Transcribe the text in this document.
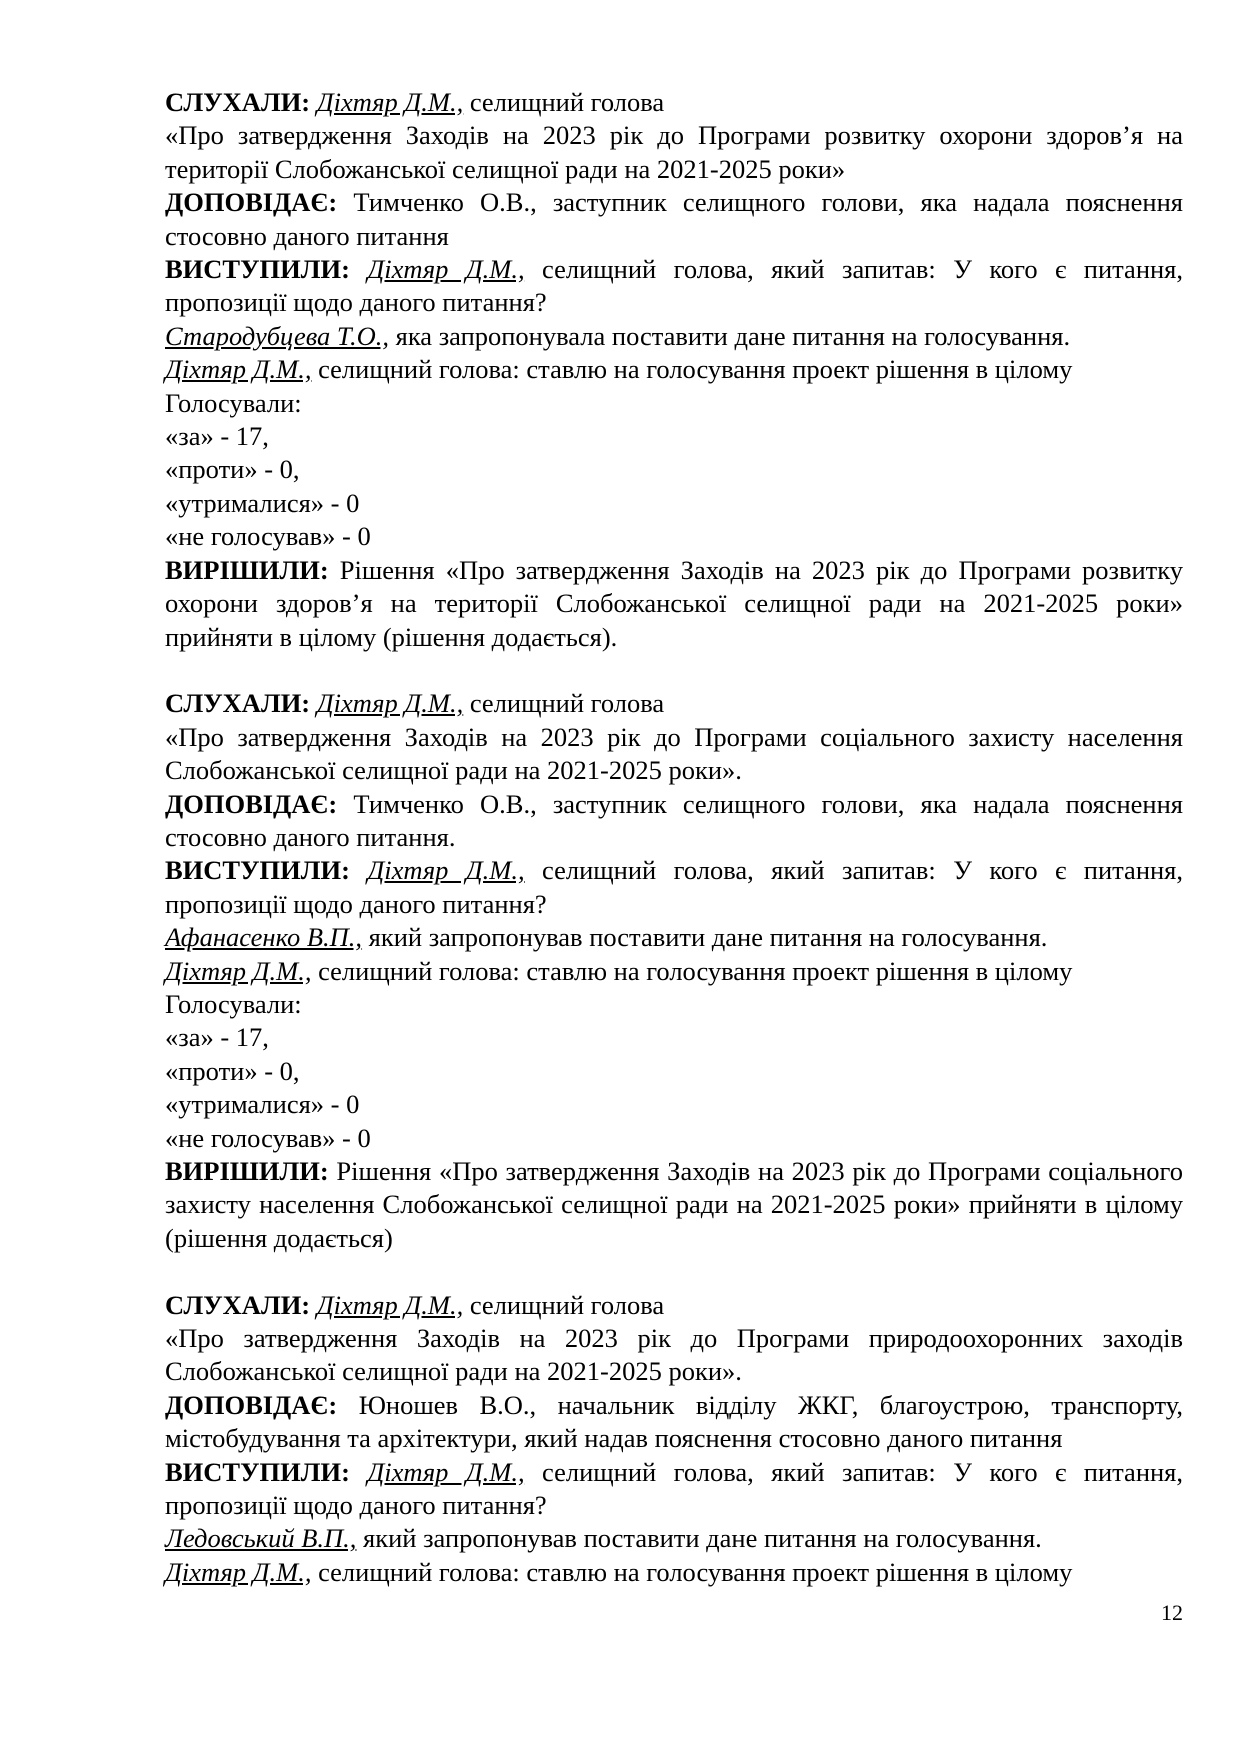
СЛУХАЛИ: Діхтяр Д.М., селищний голова

«Про затвердження Заходів на 2023 рік до Програми розвитку охорони здоров’я на території Слобожанської селищної ради на 2021-2025 роки»

ДОПОВІДАЄ: Тимченко О.В., заступник селищного голови, яка надала пояснення стосовно даного питання

ВИСТУПИЛИ: Діхтяр Д.М., селищний голова, який запитав: У кого є питання, пропозиції щодо даного питання?

Стародубцева Т.О., яка запропонувала поставити дане питання на голосування.

Діхтяр Д.М., селищний голова: ставлю на голосування проект рішення в цілому

Голосували:

«за» - 17,

«проти» - 0,

«утрималися» - 0

«не голосував» - 0

ВИРІШИЛИ: Рішення «Про затвердження Заходів на 2023 рік до Програми розвитку охорони здоров’я на території Слобожанської селищної ради на 2021-2025 роки» прийняти в цілому (рішення додається).

СЛУХАЛИ: Діхтяр Д.М., селищний голова

«Про затвердження Заходів на 2023 рік до Програми соціального захисту населення Слобожанської селищної ради на 2021-2025 роки».

ДОПОВІДАЄ: Тимченко О.В., заступник селищного голови, яка надала пояснення стосовно даного питання.

ВИСТУПИЛИ: Діхтяр Д.М., селищний голова, який запитав: У кого є питання, пропозиції щодо даного питання?

Афанасенко В.П., який запропонував поставити дане питання на голосування.

Діхтяр Д.М., селищний голова: ставлю на голосування проект рішення в цілому

Голосували:

«за» - 17,

«проти» - 0,

«утрималися» - 0

«не голосував» - 0

ВИРІШИЛИ: Рішення «Про затвердження Заходів на 2023 рік до Програми соціального захисту населення Слобожанської селищної ради на 2021-2025 роки» прийняти в цілому (рішення додається)

СЛУХАЛИ: Діхтяр Д.М., селищний голова

«Про затвердження Заходів на 2023 рік до Програми природоохоронних заходів Слобожанської селищної ради на 2021-2025 роки».

ДОПОВІДАЄ: Юношев В.О., начальник відділу ЖКГ, благоустрою, транспорту, містобудування та архітектури, який надав пояснення стосовно даного питання

ВИСТУПИЛИ: Діхтяр Д.М., селищний голова, який запитав: У кого є питання, пропозиції щодо даного питання?

Ледовський В.П., який запропонував поставити дане питання на голосування.

Діхтяр Д.М., селищний голова: ставлю на голосування проект рішення в цілому

12
